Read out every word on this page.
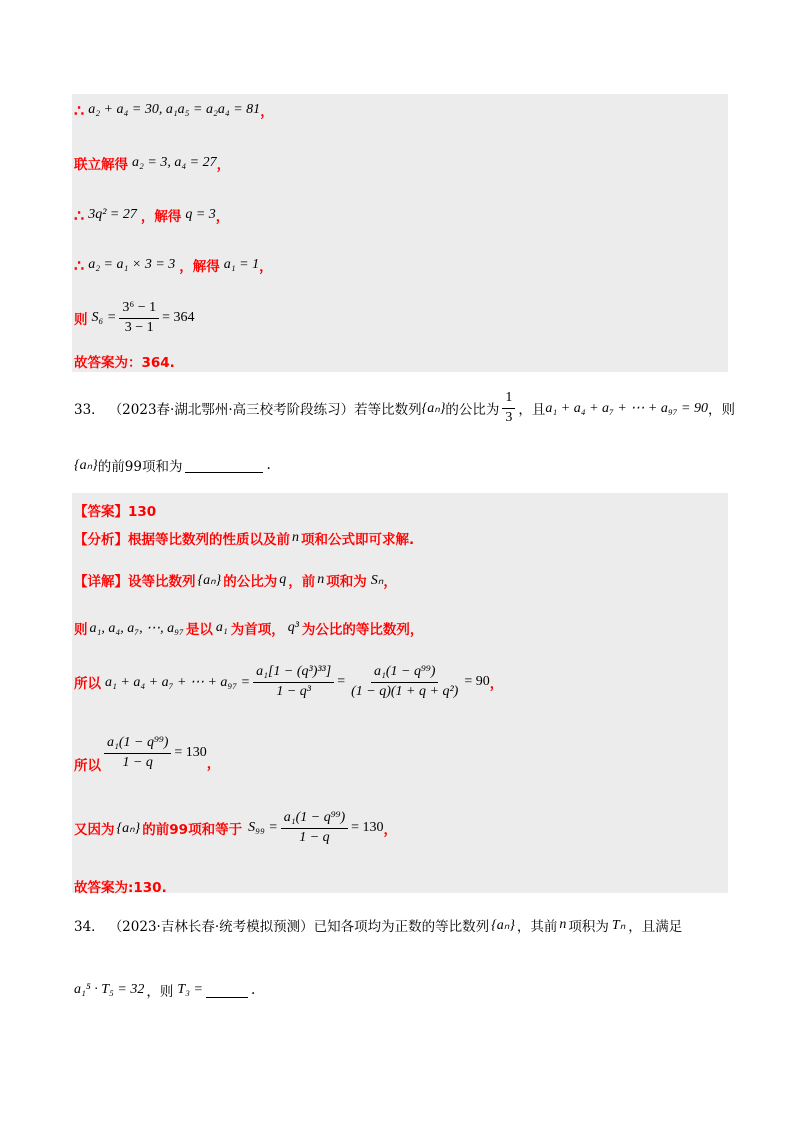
∴ a₂ + a₄ = 30, a₁a₅ = a₂a₄ = 81 ，
联立解得 a₂ = 3, a₄ = 27 ，
∴ 3q² = 27 ，解得 q = 3 ，
∴ a₂ = a₁ × 3 = 3 ，解得 a₁ = 1 ，
则 $S_6 = \frac{\text{3⁶ − 1}}{3 - 1} = 364$
故答案为：364.
33． （2023春·湖北鄂州·高三校考阶段练习）若等比数列 {aₙ} 的公比为 $\frac{1}{3}$ ，且 a₁ + a₄ + a₇ + ⋯ + a₉₇ = 90 ，则
{aₙ} 的前99项和为	.
【答案】130
【分析】根据等比数列的性质以及前 n 项和公式即可求解.
【详解】设等比数列 {aₙ} 的公比为 q ，前 n 项和为 Sₙ ，
则 a₁, a₄, a₇, ⋯, a₉₇ 是以 a₁ 为首项， q³ 为公比的等比数列，
所以 a₁ + a₄ + a₇ + ⋯ + $a_{97} = \frac{\text{a₁[1 − (q³)³³]}}{\text{1 − q³}} = \frac{\text{a₁(1 − q⁹⁹)}}{\text{(1 − q)(1 + q + q²)}} = 90$ ，
所以 $\frac{\text{a₁(1 − q⁹⁹)}}{1 - q} = 130$
，
又因为 {aₙ} 的前99项和等于 $S_{99} = \frac{\text{a₁(1 − q⁹⁹)}}{1 - q} = 130$ ，
故答案为:130.
34． （2023·吉林长春·统考模拟预测）已知各项均为正数的等比数列 {aₙ} ，其前 n 项积为 Tₙ ，且满足
a₁⁵ · T₅ = 32 ，则 T₃ =	.
